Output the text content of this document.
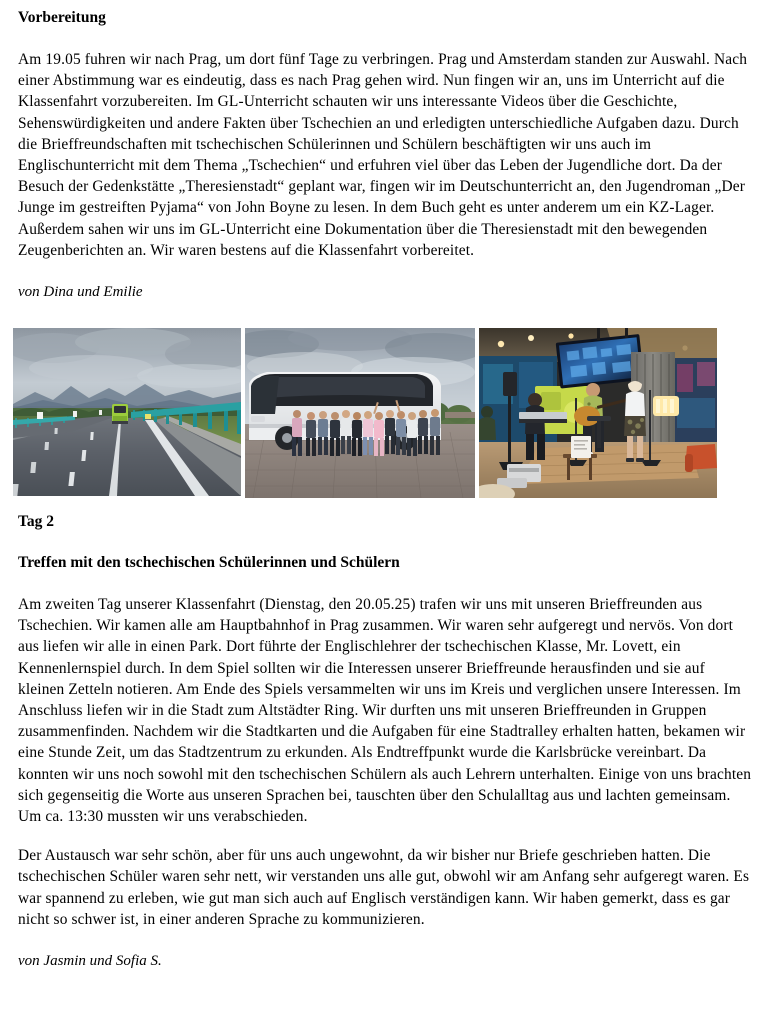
Vorbereitung

Am 19.05 fuhren wir nach Prag, um dort fünf Tage zu verbringen. Prag und Amsterdam standen zur Auswahl. Nach einer Abstimmung war es eindeutig, dass es nach Prag gehen wird. Nun fingen wir an, uns im Unterricht auf die Klassenfahrt vorzubereiten. Im GL-Unterricht schauten wir uns interessante Videos über die Geschichte, Sehenswürdigkeiten und andere Fakten über Tschechien an und erledigten unterschiedliche Aufgaben dazu. Durch die Brieffreundschaften mit tschechischen Schülerinnen und Schülern beschäftigten wir uns auch im Englischunterricht mit dem Thema „Tschechien“ und erfuhren viel über das Leben der Jugendliche dort. Da der Besuch der Gedenkstätte „Theresienstadt“ geplant war, fingen wir im Deutschunterricht an, den Jugendroman „Der Junge im gestreiften Pyjama“ von John Boyne zu lesen. In dem Buch geht es unter anderem um ein KZ-Lager. Außerdem sahen wir uns im GL-Unterricht eine Dokumentation über die Theresienstadt mit den bewegenden Zeugenberichten an. Wir waren bestens auf die Klassenfahrt vorbereitet.

von Dina und Emilie

Tag 2
Treffen mit den tschechischen Schülerinnen und Schülern

Am zweiten Tag unserer Klassenfahrt (Dienstag, den 20.05.25) trafen wir uns mit unseren Brieffreunden aus Tschechien. Wir kamen alle am Hauptbahnhof in Prag zusammen. Wir waren sehr aufgeregt und nervös. Von dort aus liefen wir alle in einen Park. Dort führte der Englischlehrer der tschechischen Klasse, Mr. Lovett, ein Kennenlernspiel durch. In dem Spiel sollten wir die Interessen unserer Brieffreunde herausfinden und sie auf kleinen Zetteln notieren. Am Ende des Spiels versammelten wir uns im Kreis und verglichen unsere Interessen. Im Anschluss liefen wir in die Stadt zum Altstädter Ring. Wir durften uns mit unseren Brieffreunden in Gruppen zusammenfinden. Nachdem wir die Stadtkarten und die Aufgaben für eine Stadtralley erhalten hatten, bekamen wir eine Stunde Zeit, um das Stadtzentrum zu erkunden. Als Endtreffpunkt wurde die Karlsbrücke vereinbart. Da konnten wir uns noch sowohl mit den tschechischen Schülern als auch Lehrern unterhalten. Einige von uns brachten sich gegenseitig die Worte aus unseren Sprachen bei, tauschten über den Schulalltag aus und lachten gemeinsam. Um ca. 13:30 mussten wir uns verabschieden.

Der Austausch war sehr schön, aber für uns auch ungewohnt, da wir bisher nur Briefe geschrieben hatten. Die tschechischen Schüler waren sehr nett, wir verstanden uns alle gut, obwohl wir am Anfang sehr aufgeregt waren. Es war spannend zu erleben, wie gut man sich auch auf Englisch verständigen kann. Wir haben gemerkt, dass es gar nicht so schwer ist, in einer anderen Sprache zu kommunizieren.

von Jasmin und Sofia S.
